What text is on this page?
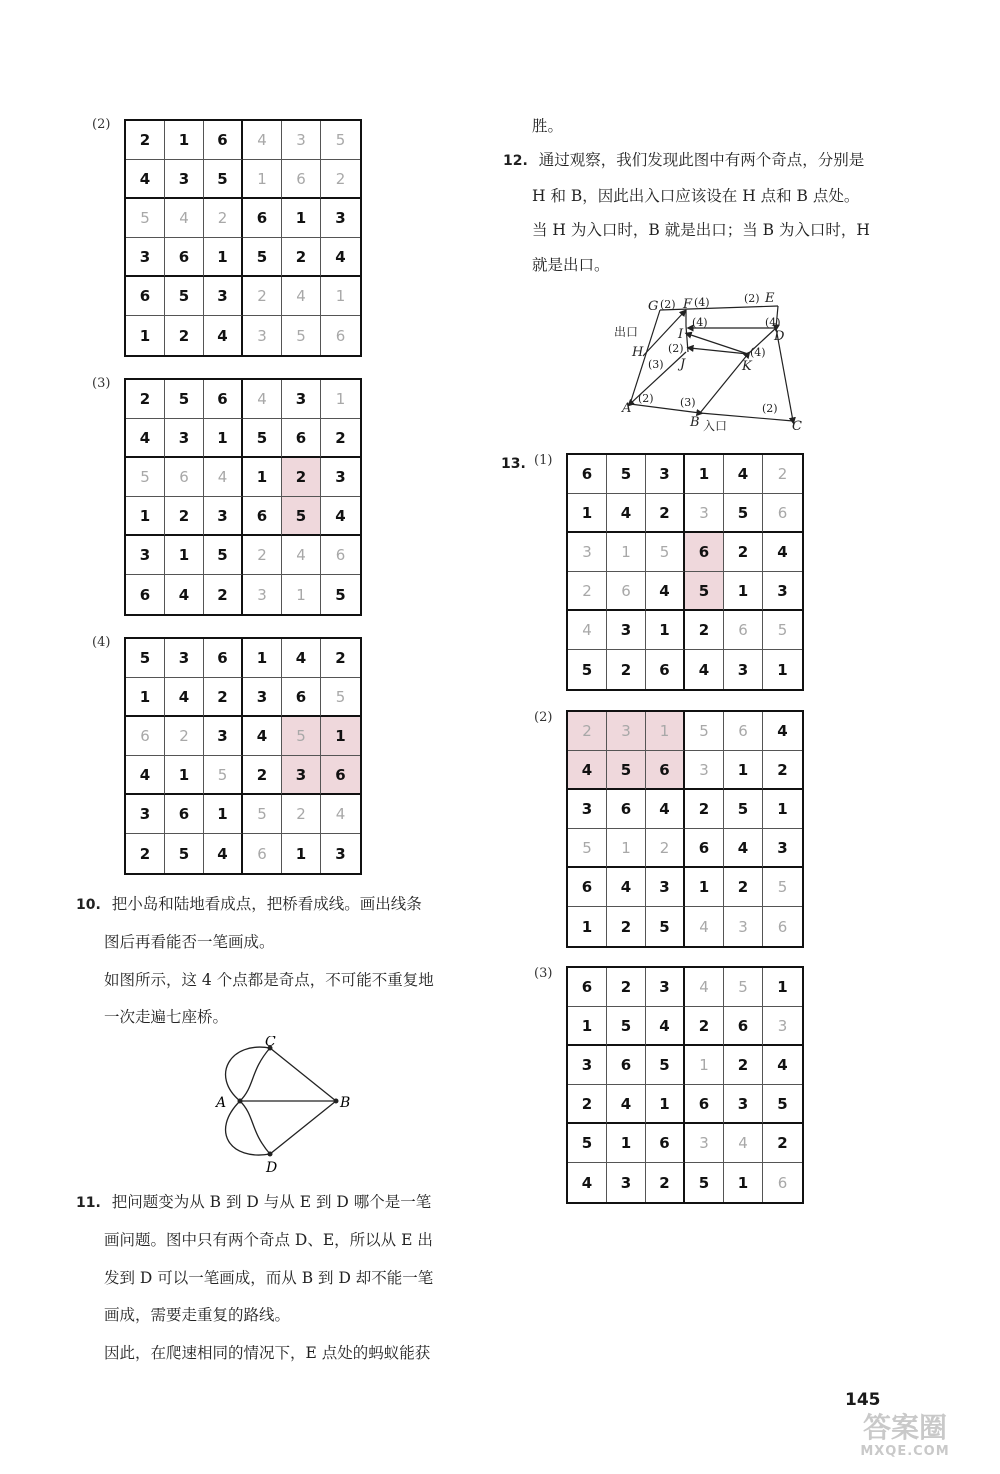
(2)
2	1	6	4	3	5
4	3	5	1	6	2
5	4	2	6	1	3
3	6	1	5	2	4
6	5	3	2	4	1
1	2	4	3	5	6
(3)
2	5	6	4	3	1
4	3	1	5	6	2
5	6	4	1	2	3
1	2	3	6	5	4
3	1	5	2	4	6
6	4	2	3	1	5
(4)
5	3	6	1	4	2
1	4	2	3	6	5
6	2	3	4	5	1
4	1	5	2	3	6
3	6	1	5	2	4
2	5	4	6	1	3
10. 把小岛和陆地看成点，把桥看成线。画出线条
图后再看能否一笔画成。
如图所示，这 4 个点都是奇点，不可能不重复地
一次走遍七座桥。
A	B
C
D
11. 把问题变为从 B 到 D 与从 E 到 D 哪个是一笔
画问题。图中只有两个奇点 D、E，所以从 E 出
发到 D 可以一笔画成，而从 B 到 D 却不能一笔
画成，需要走重复的路线。
因此，在爬速相同的情况下，E 点处的蚂蚁能获
胜。
12. 通过观察，我们发现此图中有两个奇点，分别是
H 和 B，因此出入口应该设在 H 点和 B 点处。
当 H 为入口时，B 就是出口；当 B 为入口时，H
就是出口。
G (2) F (4)	(2) E
(4)
D
出口	I
(4)
H (2)
J
(4)
K
(3)
A
(2) (3)
B 入口
(2)
C
13. (1)
6	5	3	1	4	2
1	4	2	3	5	6
3	1	5	6	2	4
2	6	4	5	1	3
4	3	1	2	6	5
5	2	6	4	3	1
(2)
2	3	1	5	6	4
4	5	6	3	1	2
3	6	4	2	5	1
5	1	2	6	4	3
6	4	3	1	2	5
1	2	5	4	3	6
(3)
6	2	3	4	5	1
1	5	4	2	6	3
3	6	5	1	2	4
2	4	1	6	3	5
5	1	6	3	4	2
4	3	2	5	1	6
145
答案圈
MXQE.COM
